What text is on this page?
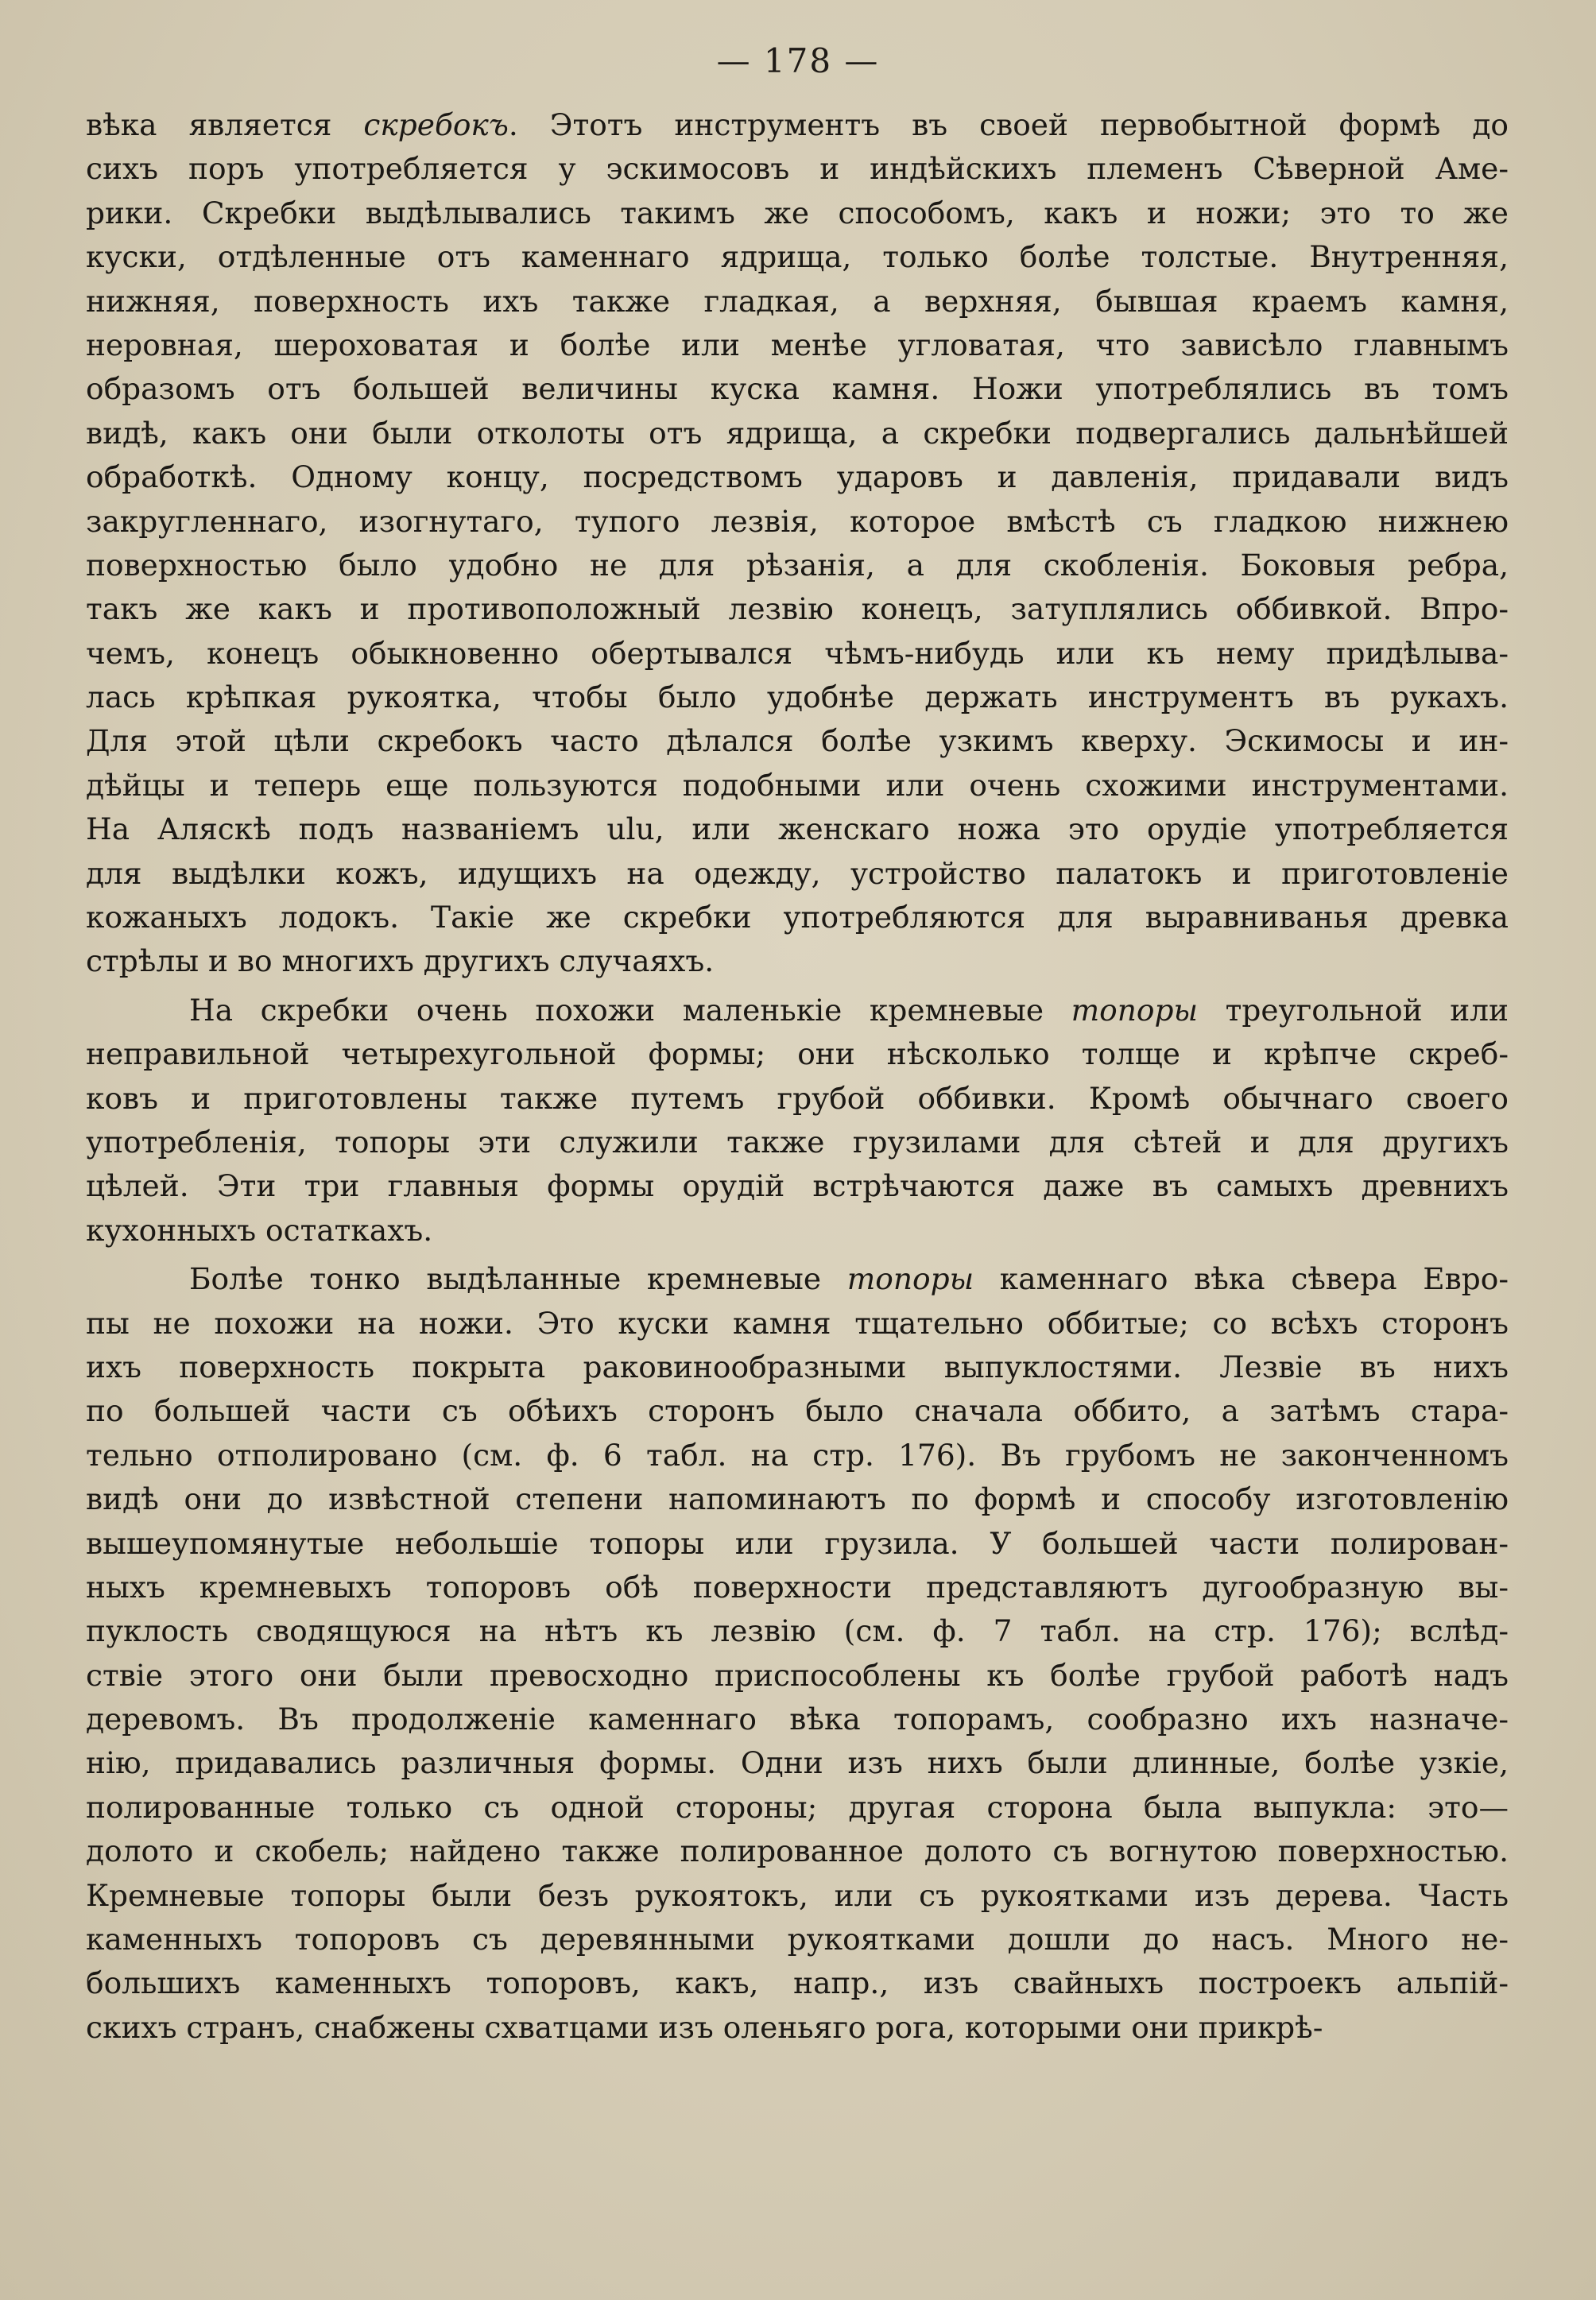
— 178 —
вѣка является скребокъ. Этотъ инструментъ въ своей первобытной формѣ до
сихъ поръ употребляется у эскимосовъ и индѣйскихъ племенъ Сѣверной Аме-
рики. Скребки выдѣлывались такимъ же способомъ, какъ и ножи; это то же
куски, отдѣленные отъ каменнаго ядрища, только болѣе толстые. Внутренняя,
нижняя, поверхность ихъ также гладкая, а верхняя, бывшая краемъ камня,
неровная, шероховатая и болѣе или менѣе угловатая, что зависѣло главнымъ
образомъ отъ большей величины куска камня. Ножи употреблялись въ томъ
видѣ, какъ они были отколоты отъ ядрища, а скребки подвергались дальнѣйшей
обработкѣ. Одному концу, посредствомъ ударовъ и давленія, придавали видъ
закругленнаго, изогнутаго, тупого лезвія, которое вмѣстѣ съ гладкою нижнею
поверхностью было удобно не для рѣзанія, а для скобленія. Боковыя ребра,
такъ же какъ и противоположный лезвію конецъ, затуплялись оббивкой. Впро-
чемъ, конецъ обыкновенно обертывался чѣмъ-нибудь или къ нему придѣлыва-
лась крѣпкая рукоятка, чтобы было удобнѣе держать инструментъ въ рукахъ.
Для этой цѣли скребокъ часто дѣлался болѣе узкимъ кверху. Эскимосы и ин-
дѣйцы и теперь еще пользуются подобными или очень схожими инструментами.
На Аляскѣ подъ названіемъ ulu, или женскаго ножа это орудіе употребляется
для выдѣлки кожъ, идущихъ на одежду, устройство палатокъ и приготовленіе
кожаныхъ лодокъ. Такіе же скребки употребляются для выравниванья древка
стрѣлы и во многихъ другихъ случаяхъ.
На скребки очень похожи маленькіе кремневые топоры треугольной или
неправильной четырехугольной формы; они нѣсколько толще и крѣпче скреб-
ковъ и приготовлены также путемъ грубой оббивки. Кромѣ обычнаго своего
употребленія, топоры эти служили также грузилами для сѣтей и для другихъ
цѣлей. Эти три главныя формы орудій встрѣчаются даже въ самыхъ древнихъ
кухонныхъ остаткахъ.
Болѣе тонко выдѣланные кремневые топоры каменнаго вѣка сѣвера Евро-
пы не похожи на ножи. Это куски камня тщательно оббитые; со всѣхъ сторонъ
ихъ поверхность покрыта раковинообразными выпуклостями. Лезвіе въ нихъ
по большей части съ обѣихъ сторонъ было сначала оббито, а затѣмъ стара-
тельно отполировано (см. ф. 6 табл. на стр. 176). Въ грубомъ не законченномъ
видѣ они до извѣстной степени напоминаютъ по формѣ и способу изготовленію
вышеупомянутые небольшіе топоры или грузила. У большей части полирован-
ныхъ кремневыхъ топоровъ обѣ поверхности представляютъ дугообразную вы-
пуклость сводящуюся на нѣтъ къ лезвію (см. ф. 7 табл. на стр. 176); вслѣд-
ствіе этого они были превосходно приспособлены къ болѣе грубой работѣ надъ
деревомъ. Въ продолженіе каменнаго вѣка топорамъ, сообразно ихъ назначе-
нію, придавались различныя формы. Одни изъ нихъ были длинные, болѣе узкіе,
полированные только съ одной стороны; другая сторона была выпукла: это—
долото и скобель; найдено также полированное долото съ вогнутою поверхностью.
Кремневые топоры были безъ рукоятокъ, или съ рукоятками изъ дерева. Часть
каменныхъ топоровъ съ деревянными рукоятками дошли до насъ. Много не-
большихъ каменныхъ топоровъ, какъ, напр., изъ свайныхъ построекъ альпій-
скихъ странъ, снабжены схватцами изъ оленьяго рога, которыми они прикрѣ-
